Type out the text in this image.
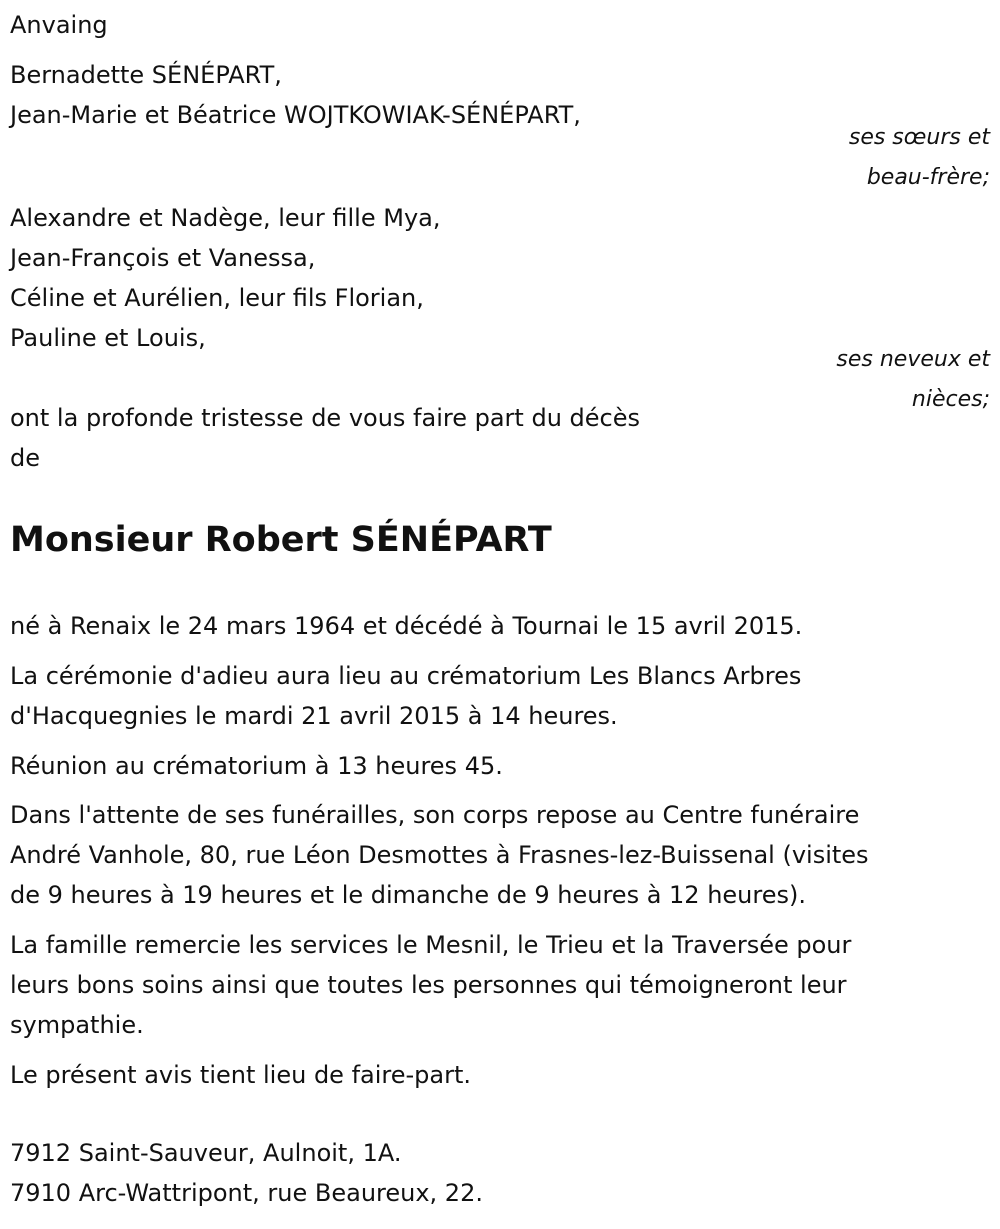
Anvaing
Bernadette SÉNÉPART,
Jean-Marie et Béatrice WOJTKOWIAK-SÉNÉPART,
ses sœurs et
beau-frère;
Alexandre et Nadège, leur fille Mya,
Jean-François et Vanessa,
Céline et Aurélien, leur fils Florian,
Pauline et Louis,
ses neveux et
nièces;
ont la profonde tristesse de vous faire part du décès
de
Monsieur Robert SÉNÉPART
né à Renaix le 24 mars 1964 et décédé à Tournai le 15 avril 2015.
La cérémonie d'adieu aura lieu au crématorium Les Blancs Arbres
d'Hacquegnies le mardi 21 avril 2015 à 14 heures.
Réunion au crématorium à 13 heures 45.
Dans l'attente de ses funérailles, son corps repose au Centre funéraire
André Vanhole, 80, rue Léon Desmottes à Frasnes-lez-Buissenal (visites
de 9 heures à 19 heures et le dimanche de 9 heures à 12 heures).
La famille remercie les services le Mesnil, le Trieu et la Traversée pour
leurs bons soins ainsi que toutes les personnes qui témoigneront leur
sympathie.
Le présent avis tient lieu de faire-part.
7912 Saint-Sauveur, Aulnoit, 1A.
7910 Arc-Wattripont, rue Beaureux, 22.
